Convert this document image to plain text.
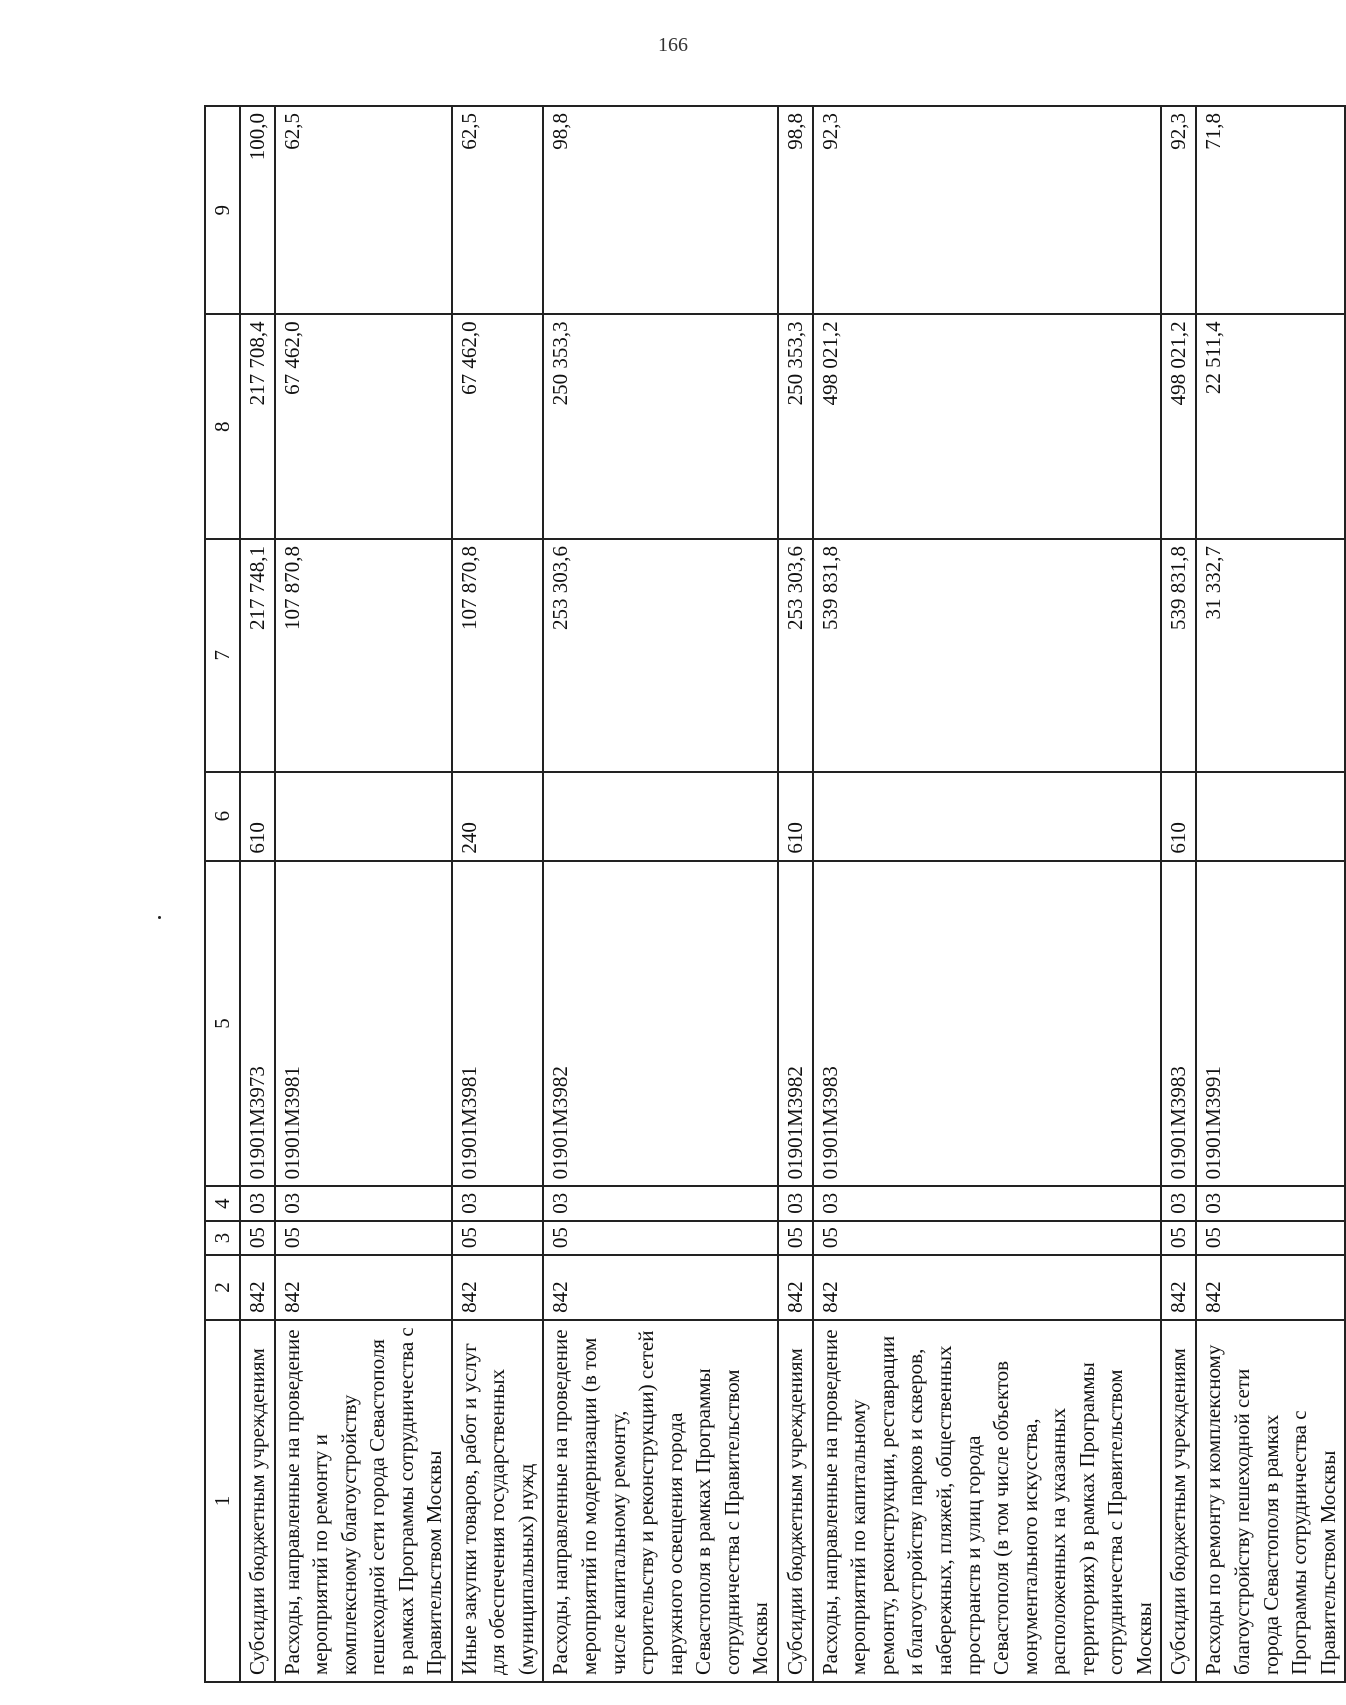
166
1	2	3	4	5	6	7	8	9
Субсидии бюджетным учреждениям	842	05	03	01901М3973	610	217 748,1	217 708,4	100,0
Расходы, направленные на проведение мероприятий по ремонту и комплексному благоустройству пешеходной сети города Севастополя в рамках Программы сотрудничества с Правительством Москвы	842	05	03	01901М3981		107 870,8	67 462,0	62,5
Иные закупки товаров, работ и услуг для обеспечения государственных (муниципальных) нужд	842	05	03	01901М3981	240	107 870,8	67 462,0	62,5
Расходы, направленные на проведение мероприятий по модернизации (в том числе капитальному ремонту, строительству и реконструкции) сетей наружного освещения города Севастополя в рамках Программы сотрудничества с Правительством Москвы	842	05	03	01901М3982		253 303,6	250 353,3	98,8
Субсидии бюджетным учреждениям	842	05	03	01901М3982	610	253 303,6	250 353,3	98,8
Расходы, направленные на проведение мероприятий по капитальному ремонту, реконструкции, реставрации и благоустройству парков и скверов, набережных, пляжей, общественных пространств и улиц города Севастополя (в том числе объектов монументального искусства, расположенных на указанных территориях) в рамках Программы сотрудничества с Правительством Москвы	842	05	03	01901М3983		539 831,8	498 021,2	92,3
Субсидии бюджетным учреждениям	842	05	03	01901М3983	610	539 831,8	498 021,2	92,3
Расходы по ремонту и комплексному благоустройству пешеходной сети города Севастополя в рамках Программы сотрудничества с Правительством Москвы	842	05	03	01901М3991		31 332,7	22 511,4	71,8
